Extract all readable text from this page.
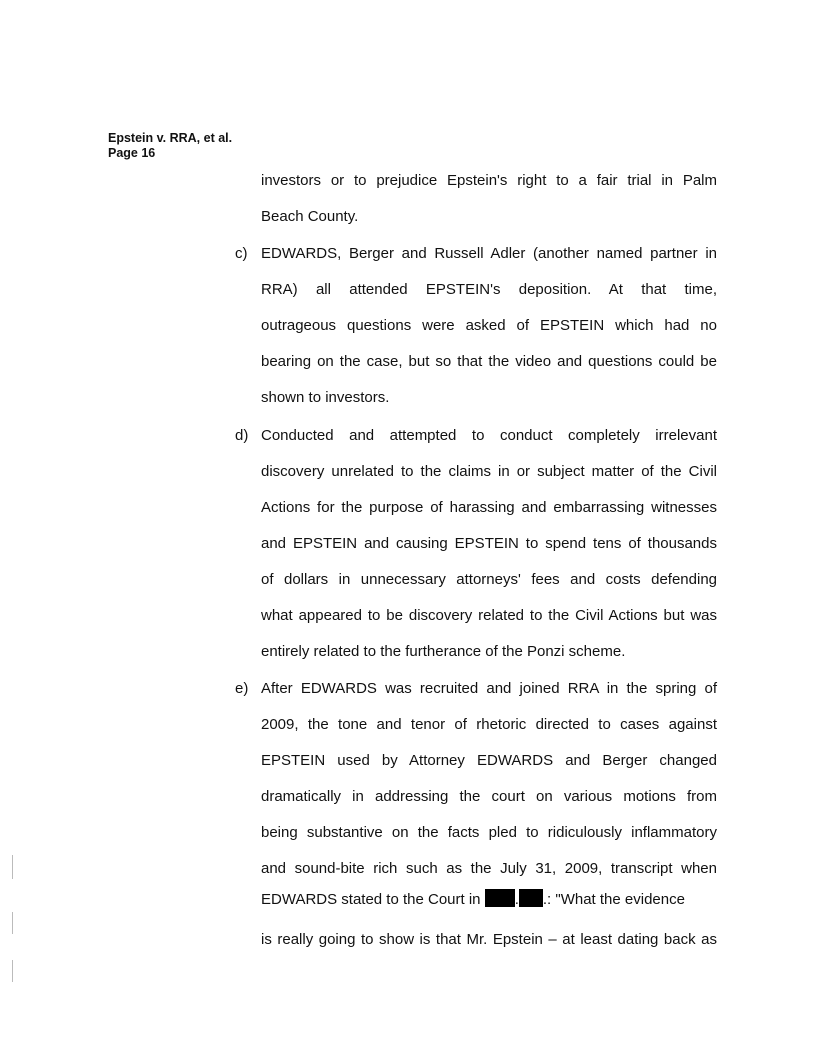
Epstein v. RRA, et al.
Page 16
investors or to prejudice Epstein's right to a fair trial in Palm
Beach County.
c) EDWARDS, Berger and Russell Adler (another named partner in
RRA) all attended EPSTEIN's deposition. At that time,
outrageous questions were asked of EPSTEIN which had no
bearing on the case, but so that the video and questions could be
shown to investors.
d) Conducted and attempted to conduct completely irrelevant
discovery unrelated to the claims in or subject matter of the Civil
Actions for the purpose of harassing and embarrassing witnesses
and EPSTEIN and causing EPSTEIN to spend tens of thousands
of dollars in unnecessary attorneys' fees and costs defending
what appeared to be discovery related to the Civil Actions but was
entirely related to the furtherance of the Ponzi scheme.
e) After EDWARDS was recruited and joined RRA in the spring of
2009, the tone and tenor of rhetoric directed to cases against
EPSTEIN used by Attorney EDWARDS and Berger changed
dramatically in addressing the court on various motions from
being substantive on the facts pled to ridiculously inflammatory
and sound-bite rich such as the July 31, 2009, transcript when
EDWARDS stated to the Court in . .: "What the evidence
is really going to show is that Mr. Epstein – at least dating back as
